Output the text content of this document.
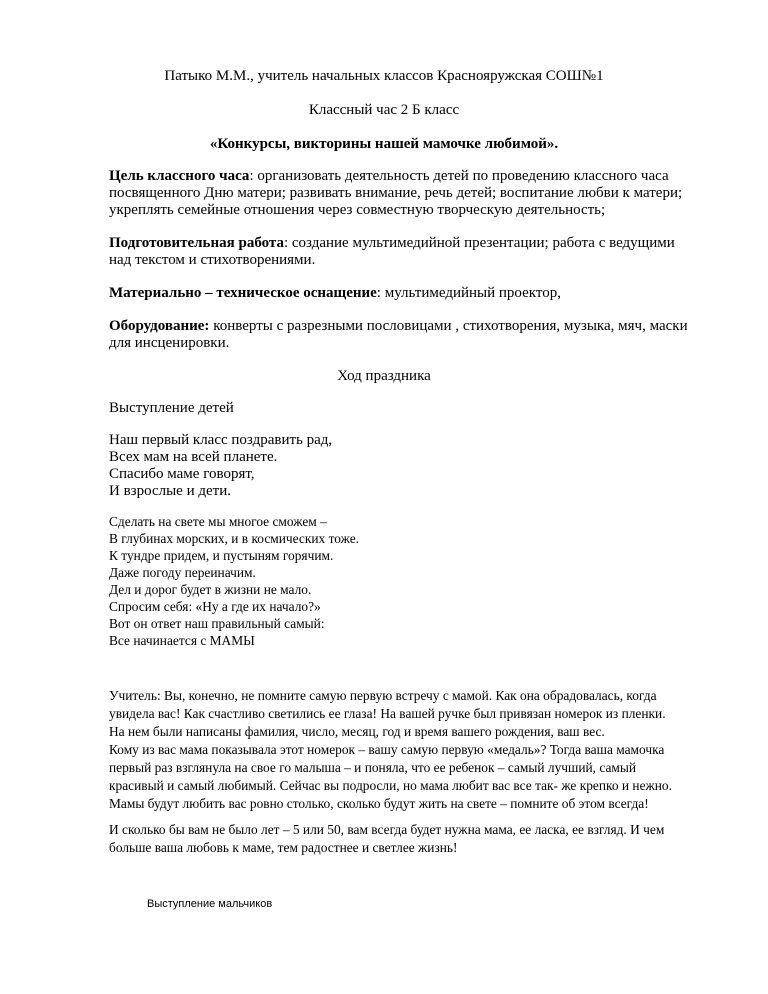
Патыко М.М., учитель начальных классов Краснояружская СОШ№1
Классный час 2 Б класс
«Конкурсы, викторины нашей мамочке любимой».
Цель классного часа: организовать деятельность детей по проведению классного часа
посвященного Дню матери; развивать внимание, речь детей; воспитание любви к матери;
укреплять семейные отношения через совместную творческую деятельность;
Подготовительная работа: создание мультимедийной презентации; работа с ведущими
над текстом и стихотворениями.
Материально – техническое оснащение: мультимедийный проектор,
Оборудование: конверты с разрезными пословицами , стихотворения, музыка, мяч, маски
для инсценировки.
Ход праздника
Выступление детей
Наш первый класс поздравить рад,
Всех мам на всей планете.
Спасибо маме говорят,
И взрослые и дети.
Сделать на свете мы многое сможем –
В глубинах морских, и в космических тоже.
К тундре придем, и пустыням горячим.
Даже погоду переиначим.
Дел и дорог будет в жизни не мало.
Спросим себя: «Ну а где их начало?»
Вот он ответ наш правильный самый:
Все начинается с МАМЫ
Учитель: Вы, конечно, не помните самую первую встречу с мамой. Как она обрадовалась, когда
увидела вас! Как счастливо светились ее глаза! На вашей ручке был привязан номерок из пленки.
На нем были написаны фамилия, число, месяц, год и время вашего рождения, ваш вес.
Кому из вас мама показывала этот номерок – вашу самую первую «медаль»? Тогда ваша мамочка
первый раз взглянула на свое го малыша – и поняла, что ее ребенок – самый лучший, самый
красивый и самый любимый. Сейчас вы подросли, но мама любит вас все так- же крепко и нежно.
Мамы будут любить вас ровно столько, сколько будут жить на свете – помните об этом всегда!
И сколько бы вам не было лет – 5 или 50, вам всегда будет нужна мама, ее ласка, ее взгляд. И чем
больше ваша любовь к маме, тем радостнее и светлее жизнь!
Выступление мальчиков
